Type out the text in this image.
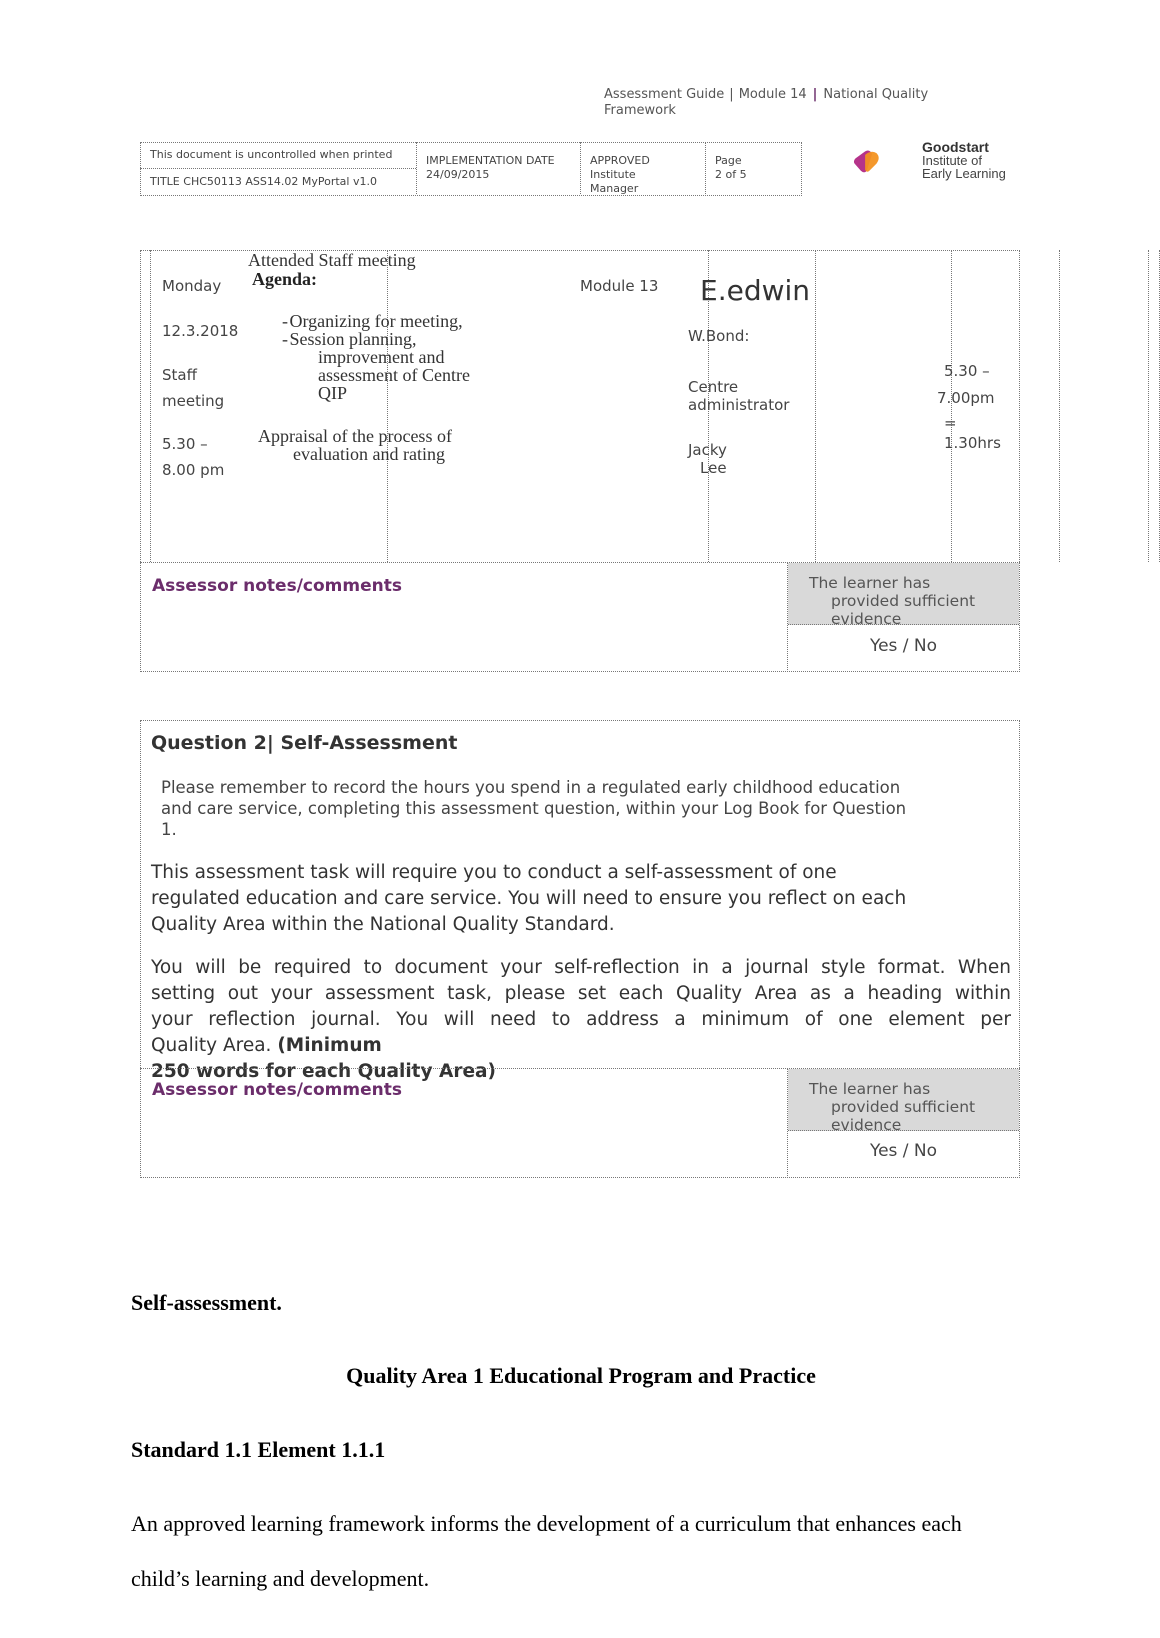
Assessment Guide | Module 14 | National Quality Framework
This document is uncontrolled when printed
TITLE CHC50113 ASS14.02 MyPortal v1.0
IMPLEMENTATION DATE
24/09/2015
APPROVED
Institute Manager
Page
2 of 5
Goodstart
Institute of
Early Learning
Monday
12.3.2018
Staff
meeting
5.30 –
8.00 pm
Attended Staff meeting
Agenda:
- Organizing for meeting,
- Session planning,
improvement and
assessment of Centre
QIP
Appraisal of the process of
evaluation and rating
Module 13 E.edwin
W.Bond:
Centre
administrator
Jacky
Lee
5.30 –
7.00pm
=
1.30hrs
Assessor notes/comments	The learner has
provided sufficient
evidence
Yes / No
Question 2| Self-Assessment
Please remember to record the hours you spend in a regulated early childhood education
and care service, completing this assessment question, within your Log Book for Question
1.
This assessment task will require you to conduct a self-assessment of one
regulated education and care service. You will need to ensure you reflect on each
Quality Area within the National Quality Standard.
You will be required to document your self-reflection in a journal style format. When
setting out your assessment task, please set each Quality Area as a heading within
your reflection journal. You will need to address a minimum of one element per
Quality Area. (Minimum
250 words for each Quality Area)
Assessor notes/comments	The learner has
provided sufficient
evidence
Yes / No
Self-assessment.
Quality Area 1 Educational Program and Practice
Standard 1.1 Element 1.1.1
An approved learning framework informs the development of a curriculum that enhances each
child’s learning and development.
